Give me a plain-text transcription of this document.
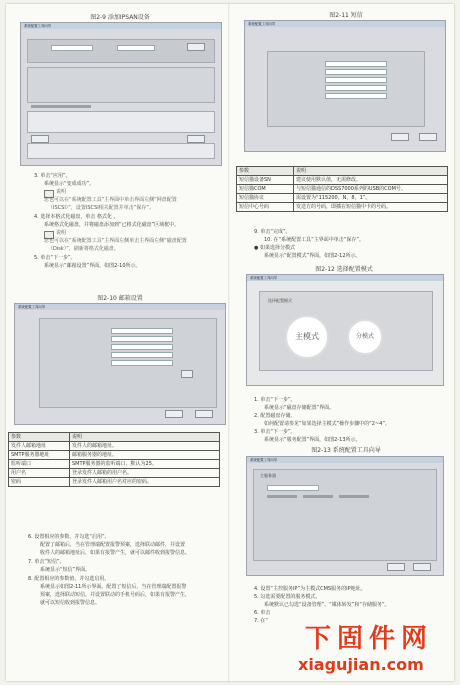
图2-9 添加IPSAN设备
系统配置工具向导
3. 单击“应用”。
系统显示“变成成功”。
说明
您也可以在“系统配置工具”主界面中单击界面左侧“网盘配置
（ISCSI）”，设置ISCSI相关配置并单击“保存”。
4. 选择本格式化磁盘，单击 格式化 。
系统格式化磁盘，并将磁盘添加到“已格式化磁盘”区域框中。
说明
您也可以在“系统配置工具”主界面左侧单击主界面左侧“磁盘配置
（Disk）”，刷新将格式化磁盘。
5. 单击“下一步”。
系统显示“邮箱设置”界面，如图2-10所示。
图2-10 邮箱设置
系统配置工具向导
参数	说明
发件人邮箱地址	发件人的邮箱地址。
SMTP服务器地址	邮箱服务器的地址。
监听端口	SMTP服务器的监听端口，默认为25。
用户名	登录发件人邮箱的用户名。
密码	登录发件人邮箱用户名对应的密码。
6. 设置相应的参数，并勾选“启用”。
配置了邮箱后，当在管理端配置报警预案，选择联动邮件，并设置
收件人的邮箱地址后，如果有报警产生，就可以邮件收到报警信息。
7. 单击“短信”。
系统显示“短信”界面。
8. 配置相应的参数值，并勾选启用。
系统显示如图2-11所示界面。配置了短信后，当在管理端配置报警
预案，选择联动短信，并设置联动的手机号码后，如果有报警产生，
就可以短信收到报警信息。
图2-11 短信
系统配置工具向导
参数	说明
短信猫设备SN	建议使用默认值，无需修改。
短信猫COM	与短信猫通信的DSS7000系列的USB的COM号。
短信猫协议	需设置为“115200，N，8，1”。
短信中心号码	发送方的号码，即插在短信猫中卡的号码。
9. 单击“完成”。
10. 在“系统配置工具”主界面中单击“保存”。
● 如果选择分模式
系统显示“配置模式”界面，如图2-12所示。
图2-12 选择配置模式
系统配置工具向导
选择配置模式
主模式	分模式
1. 单击“下一步”。
系统显示“磁盘存储配置”界面。
2. 配置磁盘存储。
如何配置请参见“如果选择主模式”操作步骤中的“2~4”。
3. 单击“下一步”。
系统显示“服务配置”界面，如图2-13所示。
图2-13 系统配置工具向导
系统配置工具向导
主服务器
4. 设置“主控服务IP”为主模式CMS服务的IP地址。
5. 勾选需要配置的服务模式。
系统默认已勾选“设备管理”、“媒体转发”和“存储服务”。
6. 单击
7. 在“
下固件网
xiagujian.com
